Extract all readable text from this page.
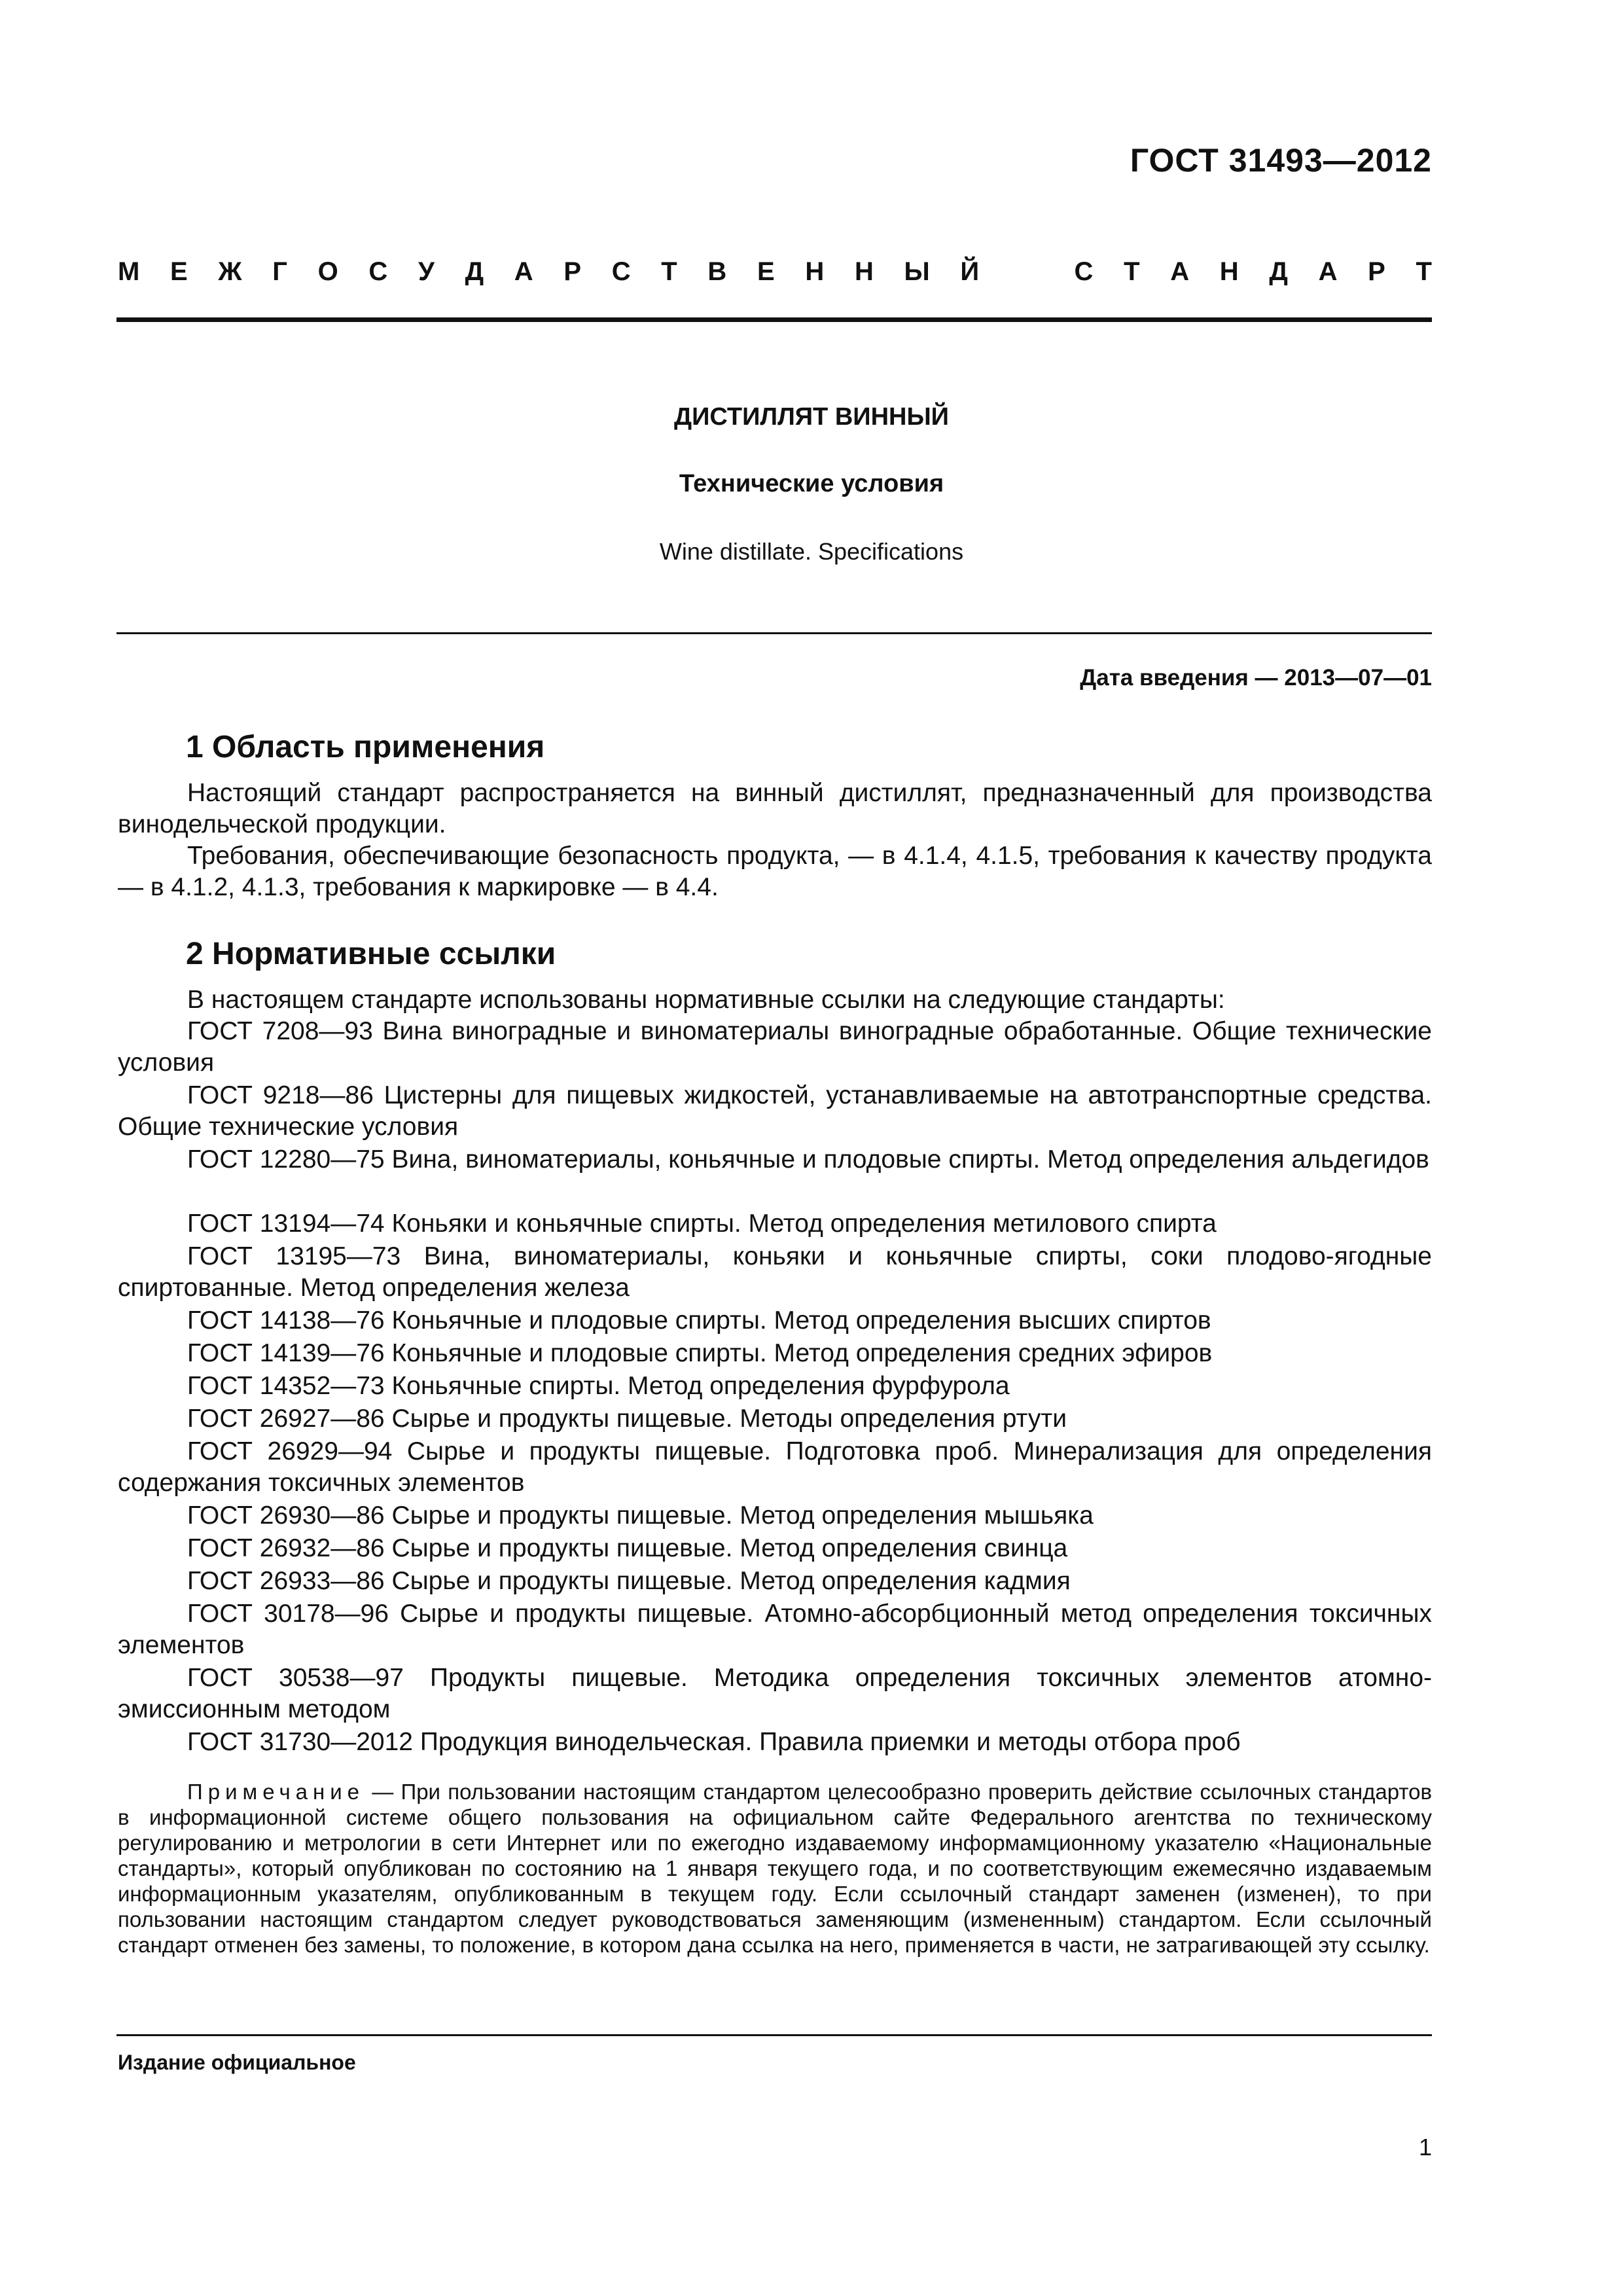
ГОСТ 31493—2012
М Е Ж Г О С У Д А Р С Т В Е Н Н Ы Й	С Т А Н Д А Р Т
ДИСТИЛЛЯТ ВИННЫЙ
Технические условия
Wine distillate. Specifications
Дата введения — 2013—07—01
1 Область применения

Настоящий стандарт распространяется на винный дистиллят, предназначенный для производства винодельческой продукции.

Требования, обеспечивающие безопасность продукта, — в 4.1.4, 4.1.5, требования к качеству продукта — в 4.1.2, 4.1.3, требования к маркировке — в 4.4.

2 Нормативные ссылки

В настоящем стандарте использованы нормативные ссылки на следующие стандарты:

ГОСТ 7208—93 Вина виноградные и виноматериалы виноградные обработанные. Общие технические условия

ГОСТ 9218—86 Цистерны для пищевых жидкостей, устанавливаемые на автотранспортные средства. Общие технические условия

ГОСТ 12280—75 Вина, виноматериалы, коньячные и плодовые спирты. Метод определения альдегидов

ГОСТ 13194—74 Коньяки и коньячные спирты. Метод определения метилового спирта

ГОСТ 13195—73 Вина, виноматериалы, коньяки и коньячные спирты, соки плодово-ягодные спиртованные. Метод определения железа

ГОСТ 14138—76 Коньячные и плодовые спирты. Метод определения высших спиртов

ГОСТ 14139—76 Коньячные и плодовые спирты. Метод определения средних эфиров

ГОСТ 14352—73 Коньячные спирты. Метод определения фурфурола

ГОСТ 26927—86 Сырье и продукты пищевые. Методы определения ртути

ГОСТ 26929—94 Сырье и продукты пищевые. Подготовка проб. Минерализация для определения содержания токсичных элементов

ГОСТ 26930—86 Сырье и продукты пищевые. Метод определения мышьяка

ГОСТ 26932—86 Сырье и продукты пищевые. Метод определения свинца

ГОСТ 26933—86 Сырье и продукты пищевые. Метод определения кадмия

ГОСТ 30178—96 Сырье и продукты пищевые. Атомно-абсорбционный метод определения токсичных элементов

ГОСТ 30538—97 Продукты пищевые. Методика определения токсичных элементов атомно-эмиссионным методом

ГОСТ 31730—2012 Продукция винодельческая. Правила приемки и методы отбора проб

Примечание — При пользовании настоящим стандартом целесообразно проверить действие ссылочных стандартов в информационной системе общего пользования на официальном сайте Федерального агентства по техническому регулированию и метрологии в сети Интернет или по ежегодно издаваемому информамционному указателю «Национальные стандарты», который опубликован по состоянию на 1 января текущего года, и по соответствующим ежемесячно издаваемым информационным указателям, опубликованным в текущем году. Если ссылочный стандарт заменен (изменен), то при пользовании настоящим стандартом следует руководствоваться заменяющим (измененным) стандартом. Если ссылочный стандарт отменен без замены, то положение, в котором дана ссылка на него, применяется в части, не затрагивающей эту ссылку.

Издание официальное
1
